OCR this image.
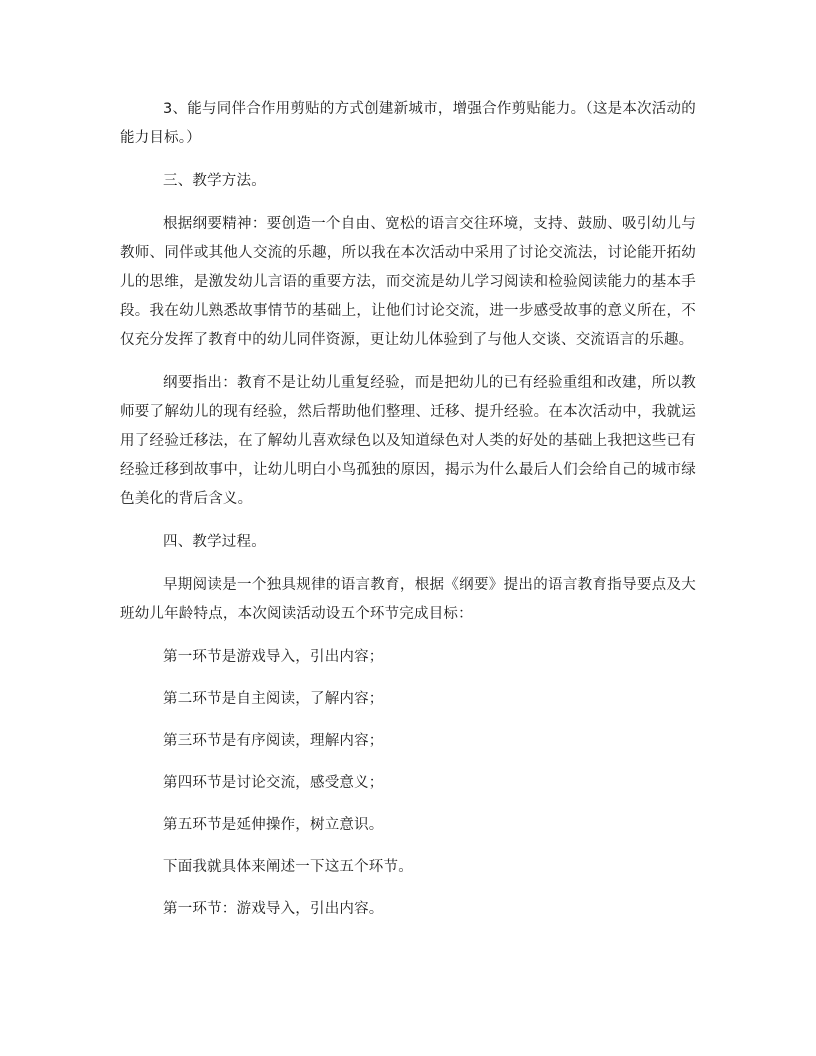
3、能与同伴合作用剪贴的方式创建新城市，增强合作剪贴能力。（这是本次活动的能力目标。）

三、教学方法。

根据纲要精神：要创造一个自由、宽松的语言交往环境，支持、鼓励、吸引幼儿与教师、同伴或其他人交流的乐趣，所以我在本次活动中采用了讨论交流法，讨论能开拓幼儿的思维，是激发幼儿言语的重要方法，而交流是幼儿学习阅读和检验阅读能力的基本手段。我在幼儿熟悉故事情节的基础上，让他们讨论交流，进一步感受故事的意义所在，不仅充分发挥了教育中的幼儿同伴资源，更让幼儿体验到了与他人交谈、交流语言的乐趣。

纲要指出：教育不是让幼儿重复经验，而是把幼儿的已有经验重组和改建，所以教师要了解幼儿的现有经验，然后帮助他们整理、迁移、提升经验。在本次活动中，我就运用了经验迁移法，在了解幼儿喜欢绿色以及知道绿色对人类的好处的基础上我把这些已有经验迁移到故事中，让幼儿明白小鸟孤独的原因，揭示为什么最后人们会给自己的城市绿色美化的背后含义。

四、教学过程。

早期阅读是一个独具规律的语言教育，根据《纲要》提出的语言教育指导要点及大班幼儿年龄特点，本次阅读活动设五个环节完成目标：

第一环节是游戏导入，引出内容；

第二环节是自主阅读，了解内容；

第三环节是有序阅读，理解内容；

第四环节是讨论交流，感受意义；

第五环节是延伸操作，树立意识。

下面我就具体来阐述一下这五个环节。

第一环节：游戏导入，引出内容。
